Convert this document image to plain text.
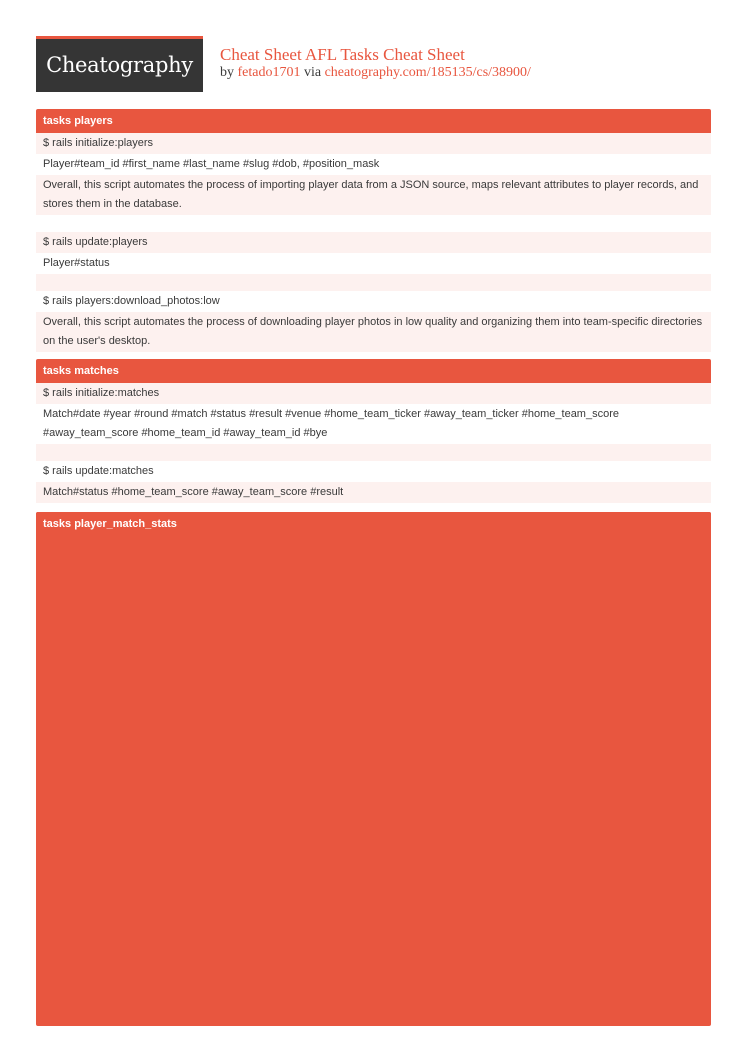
Cheatography	Cheat Sheet AFL Tasks Cheat Sheet
by fetado1701 via cheatography.com/185135/cs/38900/
tasks players
$ rails initialize:players
Player#team_id #first_name #last_name #slug #dob, #position_mask
Overall, this script automates the process of importing player data from a JSON source, maps relevant attributes to player records, and stores them in the database.
$ rails update:players
Player#status
$ rails players:download_photos:low
Overall, this script automates the process of downloading player photos in low quality and organizing them into team-specific directories on the user's desktop.
tasks matches
$ rails initialize:matches
Match#date #year #round #match #status #result #venue #home_team_ticker #away_team_ticker #home_team_score #away_team_score #home_team_id #away_team_id #bye
$ rails update:matches
Match#status #home_team_score #away_team_score #result
tasks player_match_stats
